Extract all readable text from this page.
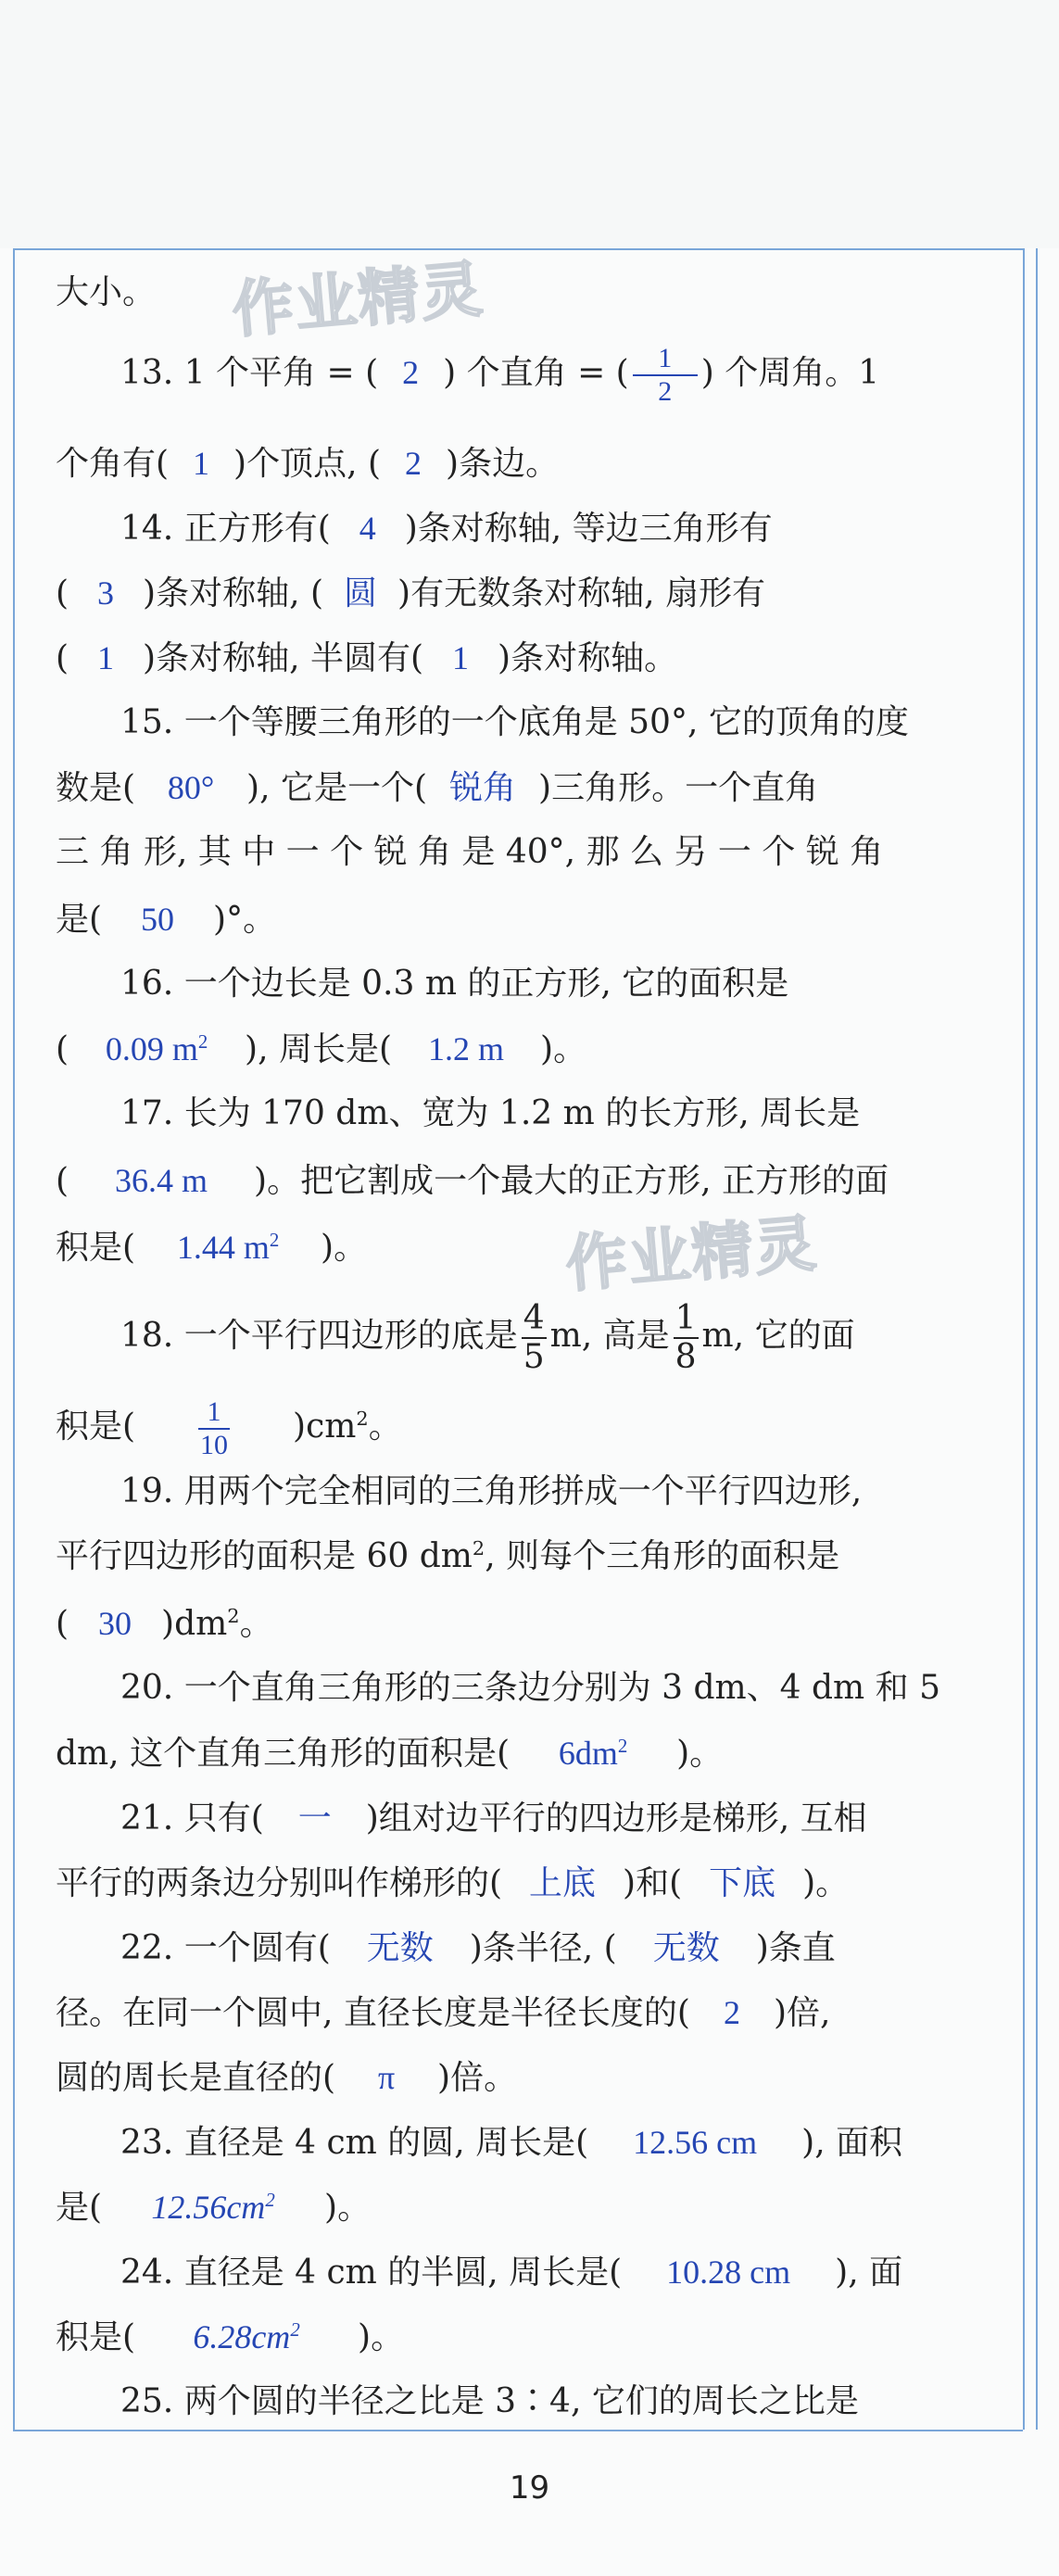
作业精灵
作业精灵
大小。
13. 1 个平角 = ( 2 ) 个直角 = ( $\frac{1}{2}$ ) 个周角。1
个角有( 1 )个顶点, ( 2 )条边。
14. 正方形有( 4 )条对称轴, 等边三角形有
( 3 )条对称轴, ( 圆 )有无数条对称轴, 扇形有
( 1 )条对称轴, 半圆有( 1 )条对称轴。
15. 一个等腰三角形的一个底角是 50°, 它的顶角的度
数是( 80° ), 它是一个( 锐角 )三角形。一个直角
三 角 形, 其 中 一 个 锐 角 是 40°, 那 么 另 一 个 锐 角
是( 50 )°。
16. 一个边长是 0.3 m 的正方形, 它的面积是
( 0.09 $m^2$ ), 周长是( 1.2 m )。
17. 长为 170 dm、宽为 1.2 m 的长方形, 周长是
( 36.4 m )。把它割成一个最大的正方形, 正方形的面
积是( 1.44 $m^2$ )。
18. 一个平行四边形的底是 $\frac{4}{5} m$, 高是 $\frac{1}{8} m$, 它的面
积是( $\frac{1}{10} )cm^2$。
19. 用两个完全相同的三角形拼成一个平行四边形,
平行四边形的面积是 60 $dm^2$, 则每个三角形的面积是
( 30 )$dm^2$。
20. 一个直角三角形的三条边分别为 3 dm、4 dm 和 5
dm, 这个直角三角形的面积是( $6dm^2$ )。
21. 只有( 一 )组对边平行的四边形是梯形, 互相
平行的两条边分别叫作梯形的( 上底 )和( 下底 )。
22. 一个圆有( 无数 )条半径, ( 无数 )条直
径。在同一个圆中, 直径长度是半径长度的( 2 )倍,
圆的周长是直径的( π )倍。
23. 直径是 4 cm 的圆, 周长是( 12.56 cm ), 面积
是( $12.56cm^2$ )。
24. 直径是 4 cm 的半圆, 周长是( 10.28 cm ), 面
积是( $6.28cm^2$ )。
25. 两个圆的半径之比是 3∶4, 它们的周长之比是
19
